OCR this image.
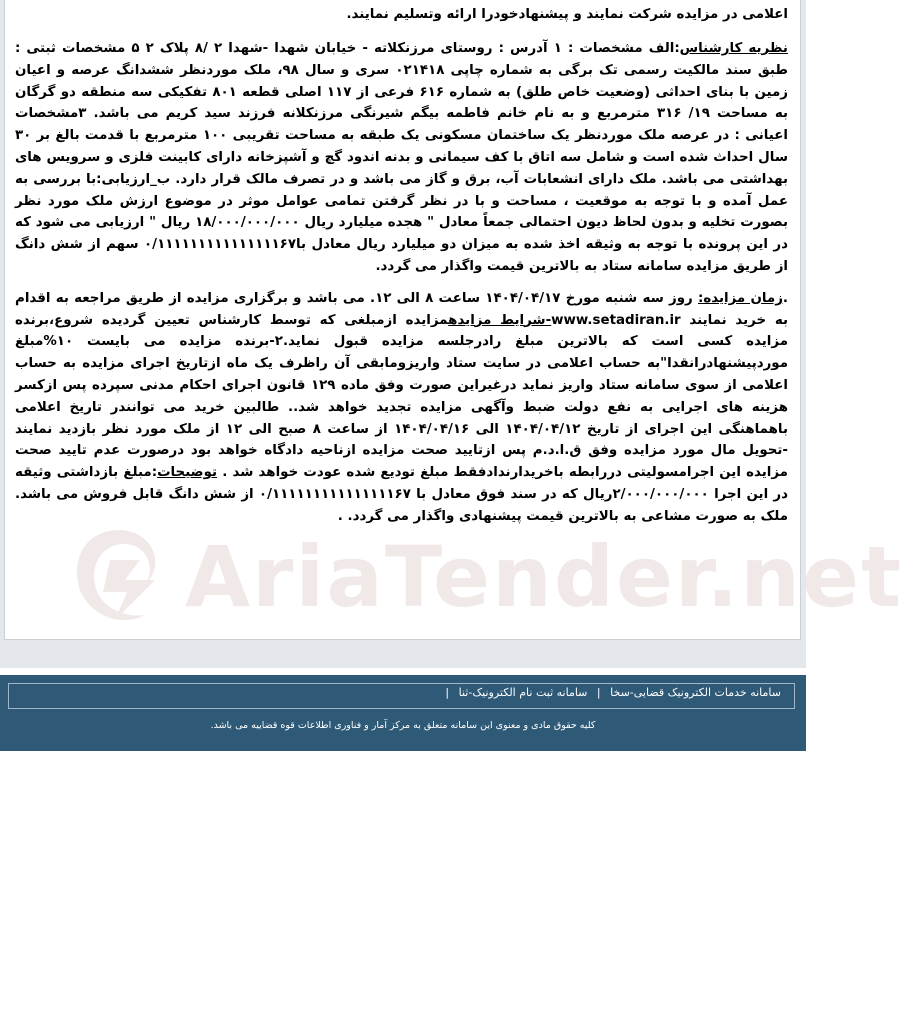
AriaTender.net

اعلامی در مزایده شرکت نمایند و پیشنهادخودرا ارائه وتسلیم نمایند.

نظریه کارشناس:الف مشخصات : ۱ آدرس : روستای مرزنکلاته - خیابان شهدا -شهدا ۲ /۸ پلاک ۲ ۵ مشخصات ثبتی : طبق سند مالکیت رسمی تک برگی به شماره چاپی ۰۲۱۴۱۸ سری و سال ۹۸، ملک موردنظر ششدانگ عرصه و اعیان زمین با بنای احداثی (وضعیت خاص طلق) به شماره ۶۱۶ فرعی از ۱۱۷ اصلی قطعه ۸۰۱ تفکیکی سه منطقه دو گرگان به مساحت ۱۹/ ۳۱۶ مترمربع و به نام خانم فاطمه بیگم شیرنگی مرزنکلانه فرزند سید کریم می باشد. ۳مشخصات اعیانی : در عرصه ملک موردنظر یک ساختمان مسکونی یک طبقه به مساحت تقریبی ۱۰۰ مترمربع با قدمت بالغ بر ۳۰ سال احداث شده است و شامل سه اتاق با کف سیمانی و بدنه اندود گچ و آشپزخانه دارای کابینت فلزی و سرویس های بهداشتی می باشد. ملک دارای انشعابات آب، برق و گاز می باشد و در تصرف مالک قرار دارد. ب_ارزیابی:با بررسی به عمل آمده و با توجه به موقعیت ، مساحت و با در نظر گرفتن تمامی عوامل موثر در موضوع ارزش ملک مورد نظر بصورت تخلیه و بدون لحاظ دیون احتمالی جمعاً معادل " هجده میلیارد ریال ۱۸/۰۰۰/۰۰۰/۰۰۰ ریال " ارزیابی می شود که در این پرونده با توجه به وثیقه اخذ شده به میزان دو میلیارد ریال معادل با۰/۱۱۱۱۱۱۱۱۱۱۱۱۱۱۱۶۷ سهم از شش دانگ از طریق مزایده سامانه ستاد به بالاترین قیمت واگذار می گردد.

.زمان مزایده: روز سه شنبه مورخ ۱۴۰۴/۰۴/۱۷ ساعت ۸ الی ۱۲. می باشد و برگزاری مزایده از طریق مراجعه به اقدام به خرید نمایند www.setadiran.ir-شرایط مزایدهمزایده ازمبلغی که توسط کارشناس تعیین گردیده شروع،برنده مزایده کسی است که بالاترین مبلغ رادرجلسه مزایده قبول نماید.۲-برنده مزایده می بایست ۱۰%مبلغ موردپیشنهادرانقدا"به حساب اعلامی در سایت ستاد واریزومابقی آن راظرف یک ماه ازتاریخ اجرای مزایده به حساب اعلامی از سوی سامانه ستاد واریز نماید درغیراین صورت وفق ماده ۱۲۹ قانون اجرای احکام مدنی سپرده پس ازکسر هزینه های اجرایی به نفع دولت ضبط وآگهی مزایده تجدید خواهد شد.. طالبین خرید می توانندر تاریخ اعلامی باهماهنگی این اجرای از تاریخ ۱۴۰۴/۰۴/۱۲ الی ۱۴۰۴/۰۴/۱۶ از ساعت ۸ صبح الی ۱۲ از ملک مورد نظر بازدید نمایند -تحویل مال مورد مزایده وفق ق.ا.د.م پس ازتایید صحت مزایده ازناحیه دادگاه خواهد بود درصورت عدم تایید صحت مزایده این اجرامسولیتی دررابطه باخریدارندادفقط مبلغ تودیع شده عودت خواهد شد . توضیحات:مبلغ بازداشتی وثیقه در این اجرا ۲/۰۰۰/۰۰۰/۰۰۰ریال که در سند فوق معادل با ۰/۱۱۱۱۱۱۱۱۱۱۱۱۱۱۱۶۷ از شش دانگ قابل فروش می باشد. ملک به صورت مشاعی به بالاترین قیمت پیشنهادی واگذار می گردد. .

سامانه خدمات الکترونیک قضایی-سخا | سامانه ثبت نام الکترونیک-ثنا |
کلیه حقوق مادی و معنوی این سامانه متعلق به مرکز آمار و فناوری اطلاعات قوه قضاییه می باشد.
